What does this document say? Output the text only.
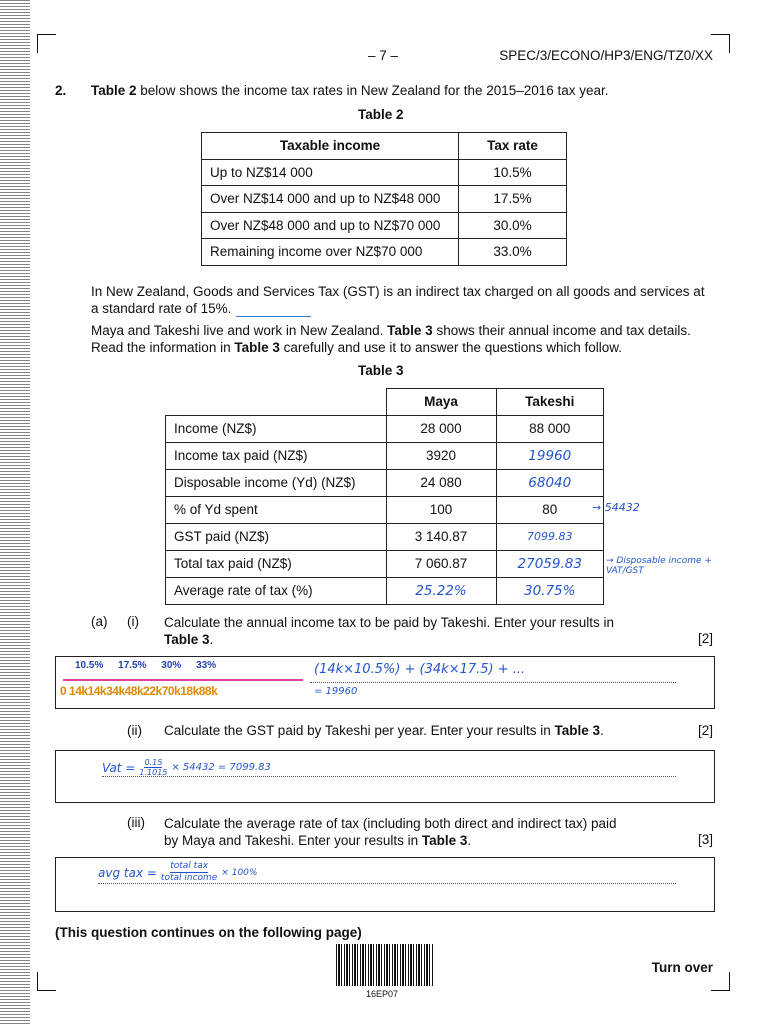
– 7 –	SPEC/3/ECONO/HP3/ENG/TZ0/XX
2. Table 2 below shows the income tax rates in New Zealand for the 2015–2016 tax year.
Table 2
Taxable income	Tax rate
Up to NZ$14 000	10.5%
Over NZ$14 000 and up to NZ$48 000	17.5%
Over NZ$48 000 and up to NZ$70 000	30.0%
Remaining income over NZ$70 000	33.0%
In New Zealand, Goods and Services Tax (GST) is an indirect tax charged on all goods and services at a standard rate of 15%.
Maya and Takeshi live and work in New Zealand. Table 3 shows their annual income and tax details. Read the information in Table 3 carefully and use it to answer the questions which follow.
Table 3
	Maya	Takeshi
Income (NZ$)	28 000	88 000
Income tax paid (NZ$)	3920	19960
Disposable income (Yd) (NZ$)	24 080	68040
% of Yd spent	100	80
GST paid (NZ$)	3 140.87	7099.83
Total tax paid (NZ$)	7 060.87	27059.83
Average rate of tax (%)	25.22%	30.75%
→ 54432
→ Disposable income + VAT/GST
(a) (i) Calculate the annual income tax to be paid by Takeshi. Enter your results in Table 3.	[2]
10.5% 17.5% 30% 33%
0 14k14k34k48k22k70k18k88k
(14k×10.5%) + (34k×17.5) + ...
= 19960
(ii) Calculate the GST paid by Takeshi per year. Enter your results in Table 3.	[2]
Vat = $\frac{0.15}{1.1015} \times 54432 = 7099.83$
(iii) Calculate the average rate of tax (including both direct and indirect tax) paid by Maya and Takeshi. Enter your results in Table 3.	[3]
avg tax = total tax
total income
× 100%
(This question continues on the following page)
16EP07
Turn over
